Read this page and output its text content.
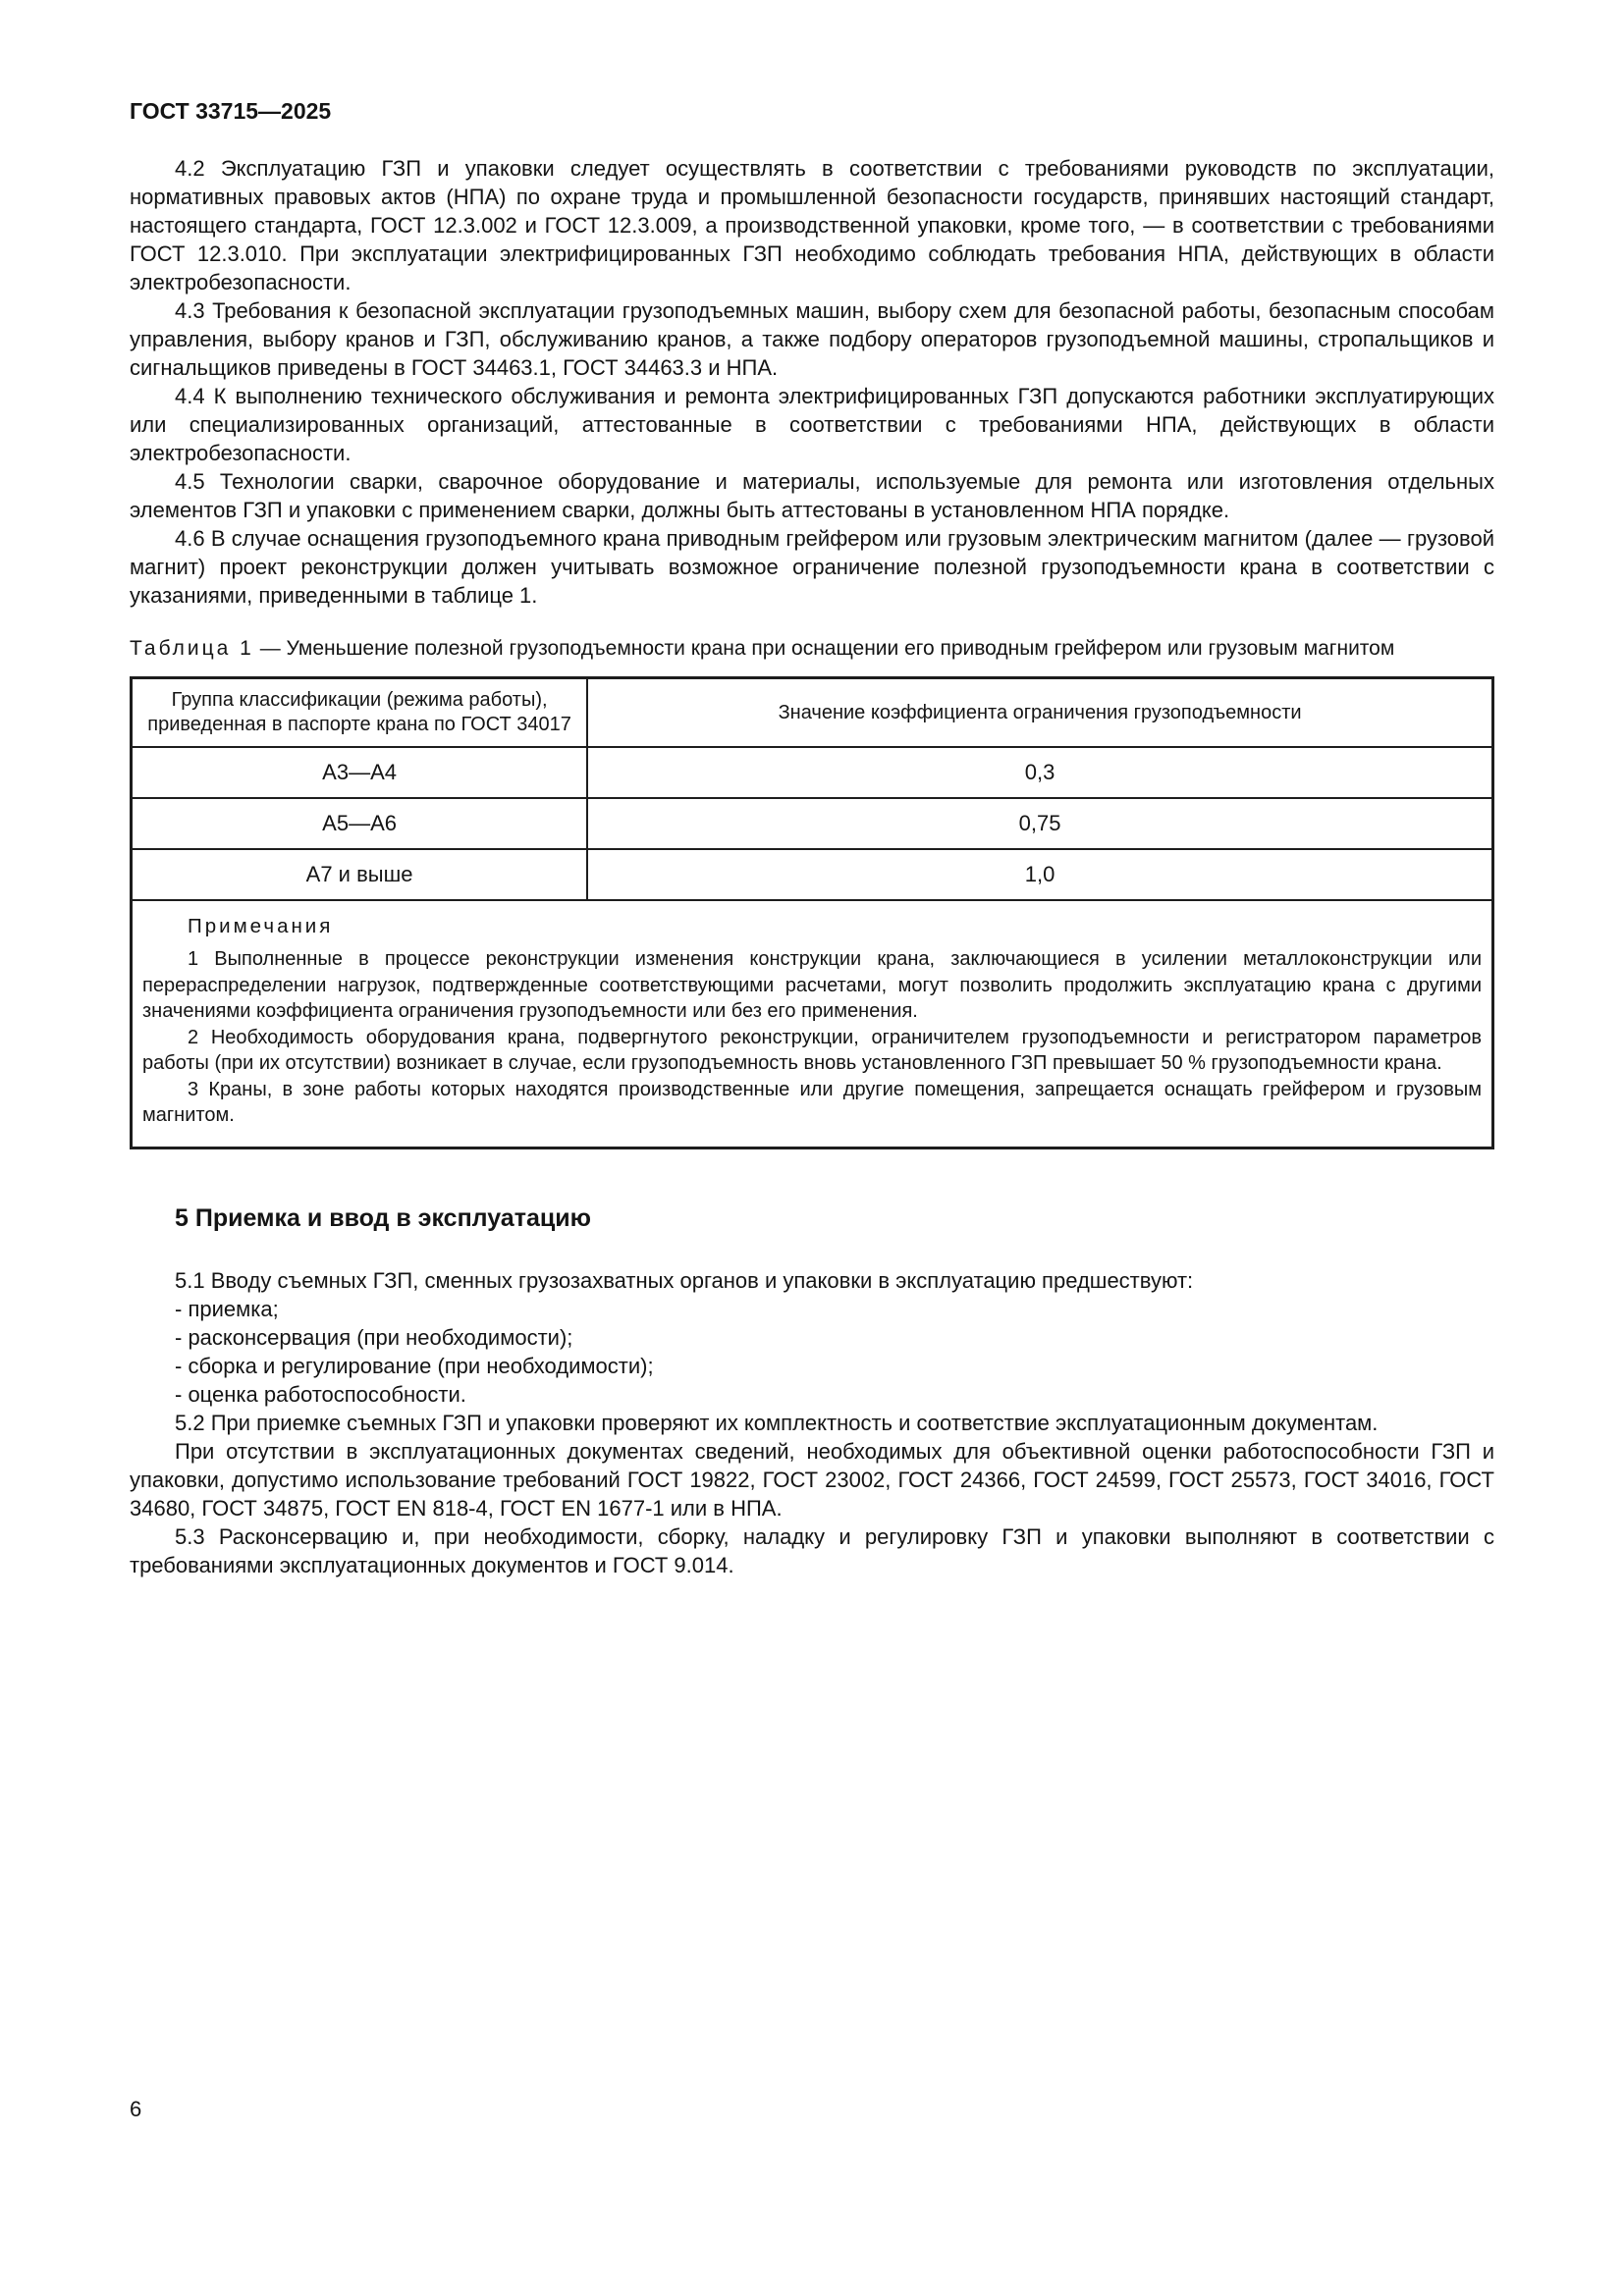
ГОСТ 33715—2025

4.2 Эксплуатацию ГЗП и упаковки следует осуществлять в соответствии с требованиями руководств по эксплуатации, нормативных правовых актов (НПА) по охране труда и промышленной безопасности государств, принявших настоящий стандарт, настоящего стандарта, ГОСТ 12.3.002 и ГОСТ 12.3.009, а производственной упаковки, кроме того, — в соответствии с требованиями ГОСТ 12.3.010. При эксплуатации электрифицированных ГЗП необходимо соблюдать требования НПА, действующих в области электробезопасности.

4.3 Требования к безопасной эксплуатации грузоподъемных машин, выбору схем для безопасной работы, безопасным способам управления, выбору кранов и ГЗП, обслуживанию кранов, а также подбору операторов грузоподъемной машины, стропальщиков и сигнальщиков приведены в ГОСТ 34463.1, ГОСТ 34463.3 и НПА.

4.4 К выполнению технического обслуживания и ремонта электрифицированных ГЗП допускаются работники эксплуатирующих или специализированных организаций, аттестованные в соответствии с требованиями НПА, действующих в области электробезопасности.

4.5 Технологии сварки, сварочное оборудование и материалы, используемые для ремонта или изготовления отдельных элементов ГЗП и упаковки с применением сварки, должны быть аттестованы в установленном НПА порядке.

4.6 В случае оснащения грузоподъемного крана приводным грейфером или грузовым электрическим магнитом (далее — грузовой магнит) проект реконструкции должен учитывать возможное ограничение полезной грузоподъемности крана в соответствии с указаниями, приведенными в таблице 1.

Таблица 1 — Уменьшение полезной грузоподъемности крана при оснащении его приводным грейфером или грузовым магнитом

Группа классификации (режима работы), приведенная в паспорте крана по ГОСТ 34017	Значение коэффициента ограничения грузоподъемности
А3—А4	0,3
А5—А6	0,75
А7 и выше	1,0

Примечания

1 Выполненные в процессе реконструкции изменения конструкции крана, заключающиеся в усилении металлоконструкции или перераспределении нагрузок, подтвержденные соответствующими расчетами, могут позволить продолжить эксплуатацию крана с другими значениями коэффициента ограничения грузоподъемности или без его применения.

2 Необходимость оборудования крана, подвергнутого реконструкции, ограничителем грузоподъемности и регистратором параметров работы (при их отсутствии) возникает в случае, если грузоподъемность вновь установленного ГЗП превышает 50 % грузоподъемности крана.

3 Краны, в зоне работы которых находятся производственные или другие помещения, запрещается оснащать грейфером и грузовым магнитом.	

5 Приемка и ввод в эксплуатацию

5.1 Вводу съемных ГЗП, сменных грузозахватных органов и упаковки в эксплуатацию предшествуют:

- приемка;

- расконсервация (при необходимости);

- сборка и регулирование (при необходимости);

- оценка работоспособности.

5.2 При приемке съемных ГЗП и упаковки проверяют их комплектность и соответствие эксплуатационным документам.

При отсутствии в эксплуатационных документах сведений, необходимых для объективной оценки работоспособности ГЗП и упаковки, допустимо использование требований ГОСТ 19822, ГОСТ 23002, ГОСТ 24366, ГОСТ 24599, ГОСТ 25573, ГОСТ 34016, ГОСТ 34680, ГОСТ 34875, ГОСТ EN 818-4, ГОСТ EN 1677-1 или в НПА.

5.3 Расконсервацию и, при необходимости, сборку, наладку и регулировку ГЗП и упаковки выполняют в соответствии с требованиями эксплуатационных документов и ГОСТ 9.014.

6
